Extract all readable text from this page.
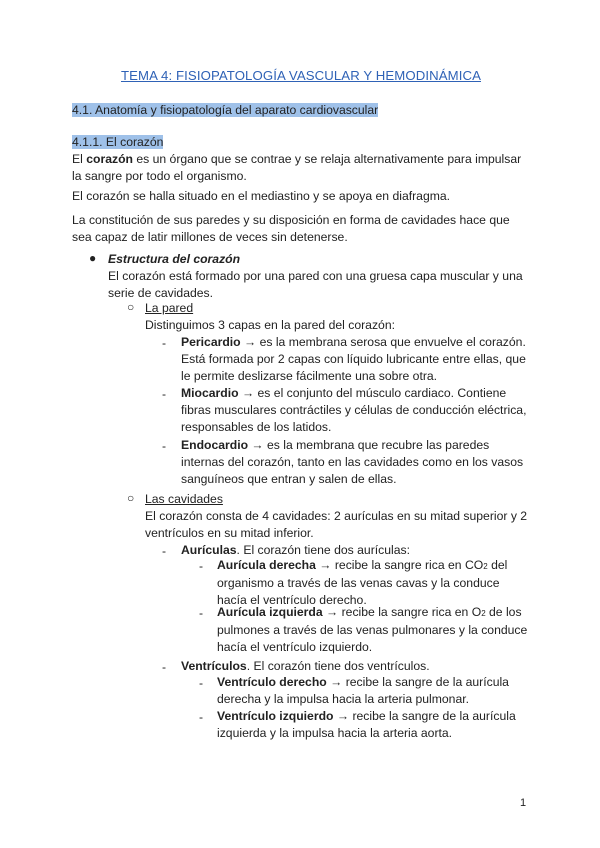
TEMA 4: FISIOPATOLOGÍA VASCULAR Y HEMODINÁMICA
4.1. Anatomía y fisiopatología del aparato cardiovascular
4.1.1. El corazón
El corazón es un órgano que se contrae y se relaja alternativamente para impulsar
la sangre por todo el organismo.
El corazón se halla situado en el mediastino y se apoya en diafragma.
La constitución de sus paredes y su disposición en forma de cavidades hace que
sea capaz de latir millones de veces sin detenerse.
● Estructura del corazón
El corazón está formado por una pared con una gruesa capa muscular y una
serie de cavidades.
○ La pared
Distinguimos 3 capas en la pared del corazón:
- Pericardio → es la membrana serosa que envuelve el corazón.
Está formada por 2 capas con líquido lubricante entre ellas, que
le permite deslizarse fácilmente una sobre otra.
- Miocardio → es el conjunto del músculo cardiaco. Contiene
fibras musculares contráctiles y células de conducción eléctrica,
responsables de los latidos.
- Endocardio → es la membrana que recubre las paredes
internas del corazón, tanto en las cavidades como en los vasos
sanguíneos que entran y salen de ellas.
○ Las cavidades
El corazón consta de 4 cavidades: 2 aurículas en su mitad superior y 2
ventrículos en su mitad inferior.
- Aurículas. El corazón tiene dos aurículas:
- Aurícula derecha → recibe la sangre rica en CO2 del
organismo a través de las venas cavas y la conduce
hacía el ventrículo derecho.
- Aurícula izquierda → recibe la sangre rica en O2 de los
pulmones a través de las venas pulmonares y la conduce
hacía el ventrículo izquierdo.
- Ventrículos. El corazón tiene dos ventrículos.
- Ventrículo derecho → recibe la sangre de la aurícula
derecha y la impulsa hacia la arteria pulmonar.
- Ventrículo izquierdo → recibe la sangre de la aurícula
izquierda y la impulsa hacia la arteria aorta.
1
